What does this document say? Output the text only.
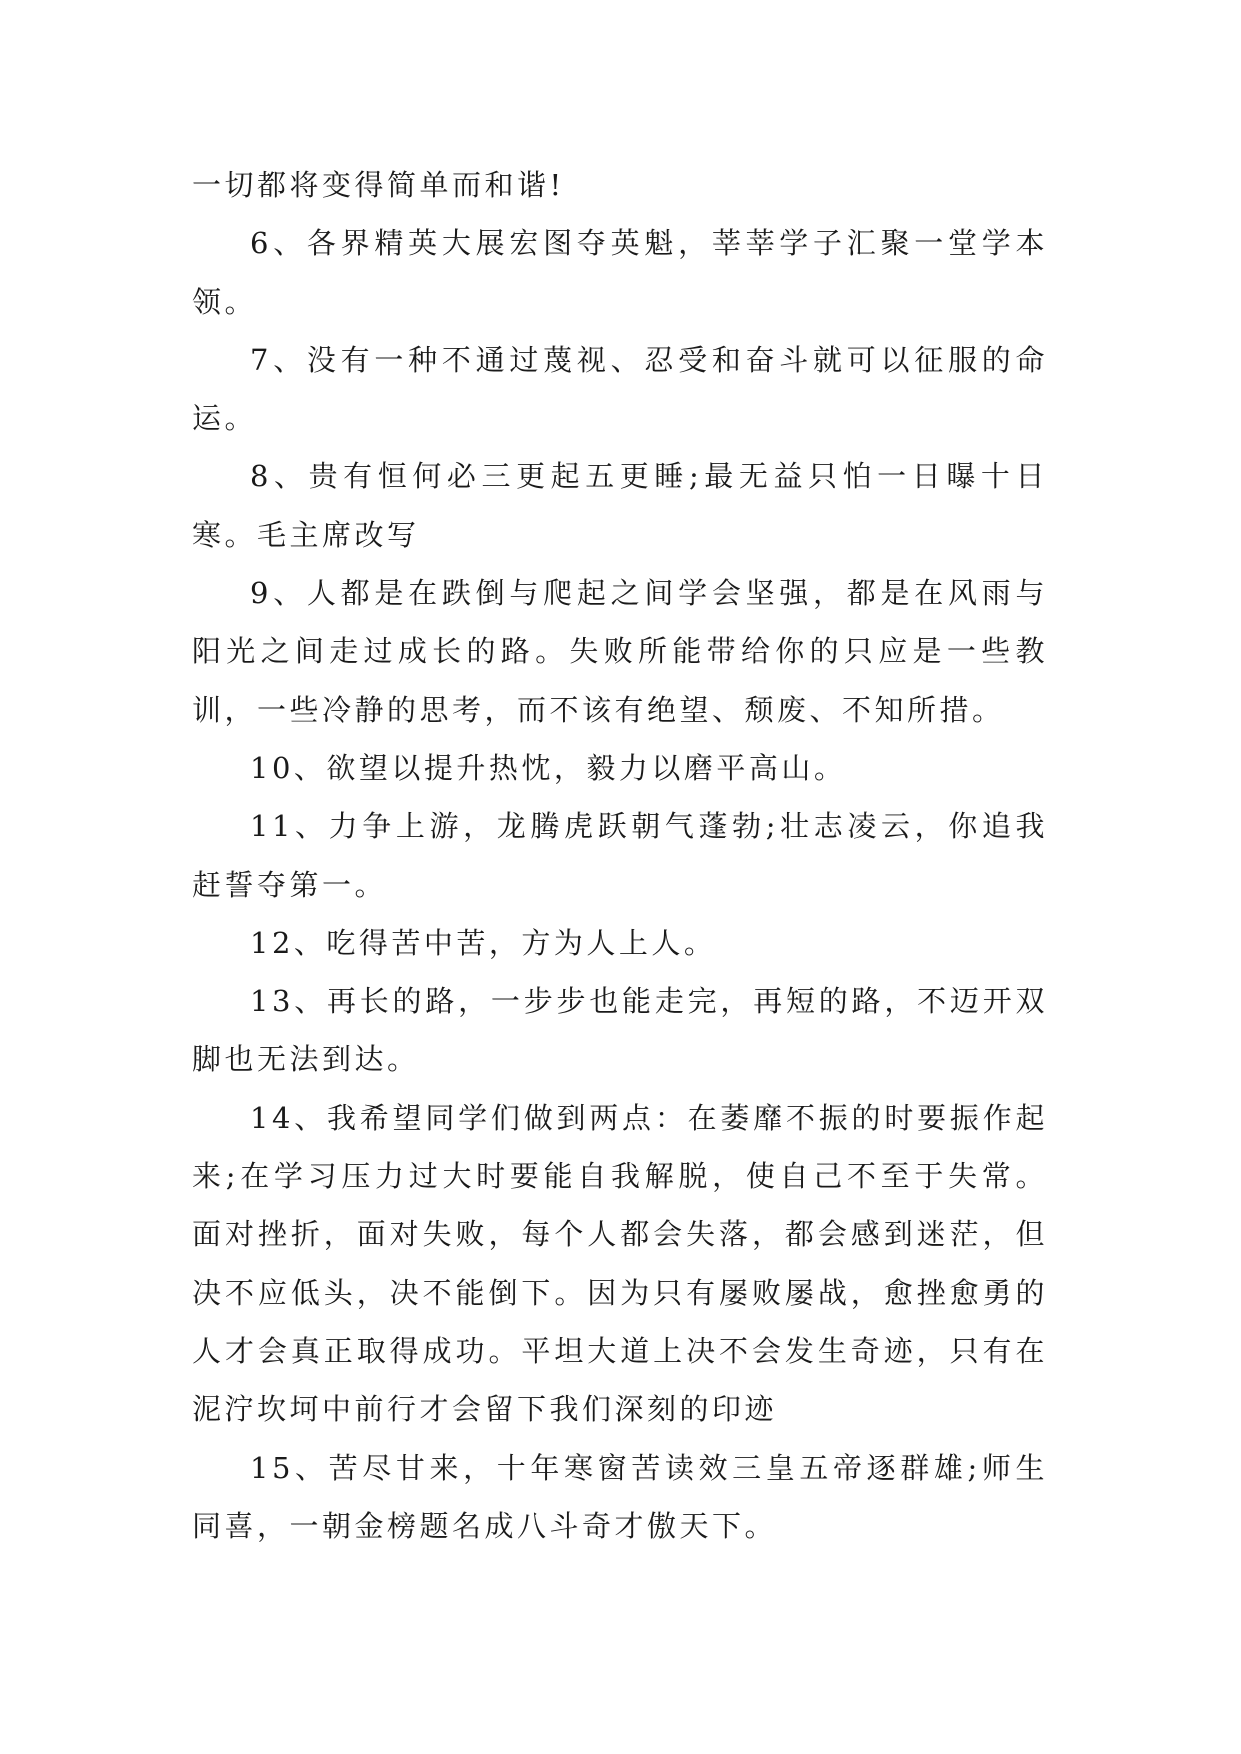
一切都将变得简单而和谐!

6、各界精英大展宏图夺英魁，莘莘学子汇聚一堂学本领。

7、没有一种不通过蔑视、忍受和奋斗就可以征服的命运。

8、贵有恒何必三更起五更睡;最无益只怕一日曝十日寒。毛主席改写

9、人都是在跌倒与爬起之间学会坚强，都是在风雨与阳光之间走过成长的路。失败所能带给你的只应是一些教训，一些冷静的思考，而不该有绝望、颓废、不知所措。

10、欲望以提升热忱，毅力以磨平高山。

11、力争上游，龙腾虎跃朝气蓬勃;壮志凌云，你追我赶誓夺第一。

12、吃得苦中苦，方为人上人。

13、再长的路，一步步也能走完，再短的路，不迈开双脚也无法到达。

14、我希望同学们做到两点：在萎靡不振的时要振作起来;在学习压力过大时要能自我解脱，使自己不至于失常。面对挫折，面对失败，每个人都会失落，都会感到迷茫，但决不应低头，决不能倒下。因为只有屡败屡战，愈挫愈勇的人才会真正取得成功。平坦大道上决不会发生奇迹，只有在泥泞坎坷中前行才会留下我们深刻的印迹

15、苦尽甘来，十年寒窗苦读效三皇五帝逐群雄;师生同喜，一朝金榜题名成八斗奇才傲天下。
